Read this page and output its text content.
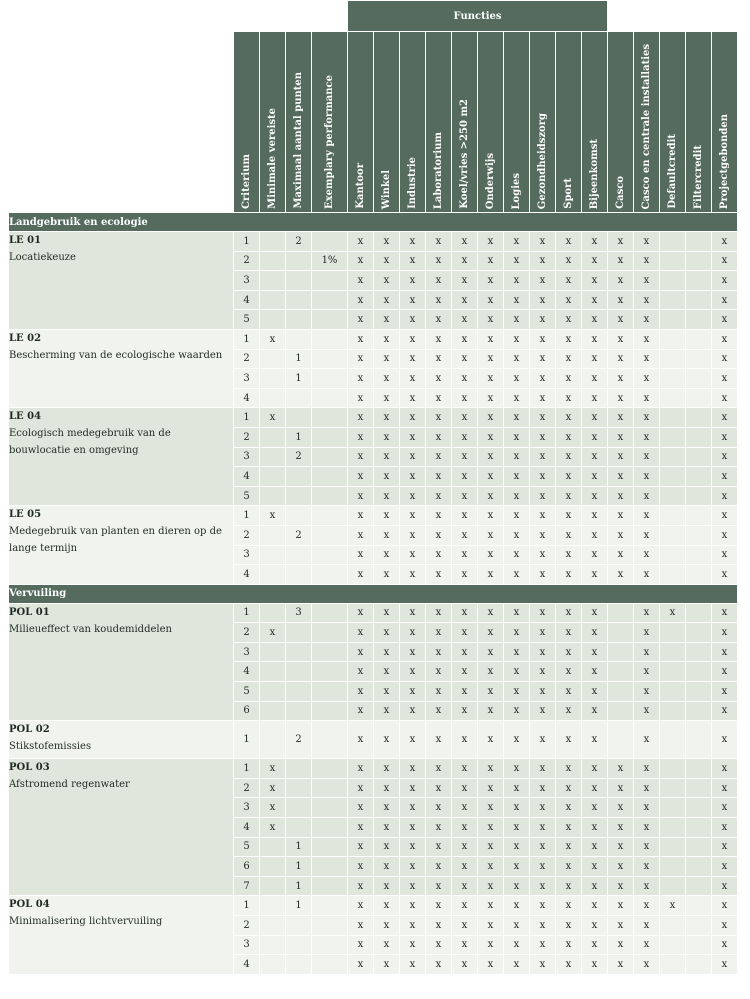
					Functies														
	Criterium	Minimale vereiste	Maximaal aantal punten	Exemplary performance	Kantoor	Winkel	Industrie	Laboratorium	Koel/vries >250 m2	Onderwijs	Logies	Gezondheidszorg	Sport	Bijeenkomst	Casco	Casco en centrale installaties	Defaultcredit	Filtercredit	Projectgebonden
Landgebruik en ecologie																			

LE 01
Locatiekeuze	1		2		x	x	x	x	x	x	x	x	x	x	x	x			x
	2			1%	x	x	x	x	x	x	x	x	x	x	x	x			x
	3				x	x	x	x	x	x	x	x	x	x	x	x			x
	4				x	x	x	x	x	x	x	x	x	x	x	x			x
	5				x	x	x	x	x	x	x	x	x	x	x	x			x

LE 02
Bescherming van de ecologische waarden	1	x			x	x	x	x	x	x	x	x	x	x	x	x			x
	2		1		x	x	x	x	x	x	x	x	x	x	x	x			x
	3		1		x	x	x	x	x	x	x	x	x	x	x	x			x
	4				x	x	x	x	x	x	x	x	x	x	x	x			x

LE 04
Ecologisch medegebruik van de bouwlocatie en omgeving	1	x			x	x	x	x	x	x	x	x	x	x	x	x			x
	2		1		x	x	x	x	x	x	x	x	x	x	x	x			x
	3		2		x	x	x	x	x	x	x	x	x	x	x	x			x
	4				x	x	x	x	x	x	x	x	x	x	x	x			x
	5				x	x	x	x	x	x	x	x	x	x	x	x			x

LE 05
Medegebruik van planten en dieren op de lange termijn	1	x			x	x	x	x	x	x	x	x	x	x	x	x			x
	2		2		x	x	x	x	x	x	x	x	x	x	x	x			x
	3				x	x	x	x	x	x	x	x	x	x	x	x			x
	4				x	x	x	x	x	x	x	x	x	x	x	x			x
Vervuiling																			

POL 01
Milieueffect van koudemiddelen	1		3		x	x	x	x	x	x	x	x	x	x		x	x		x
	2	x			x	x	x	x	x	x	x	x	x	x		x			x
	3				x	x	x	x	x	x	x	x	x	x		x			x
	4				x	x	x	x	x	x	x	x	x	x		x			x
	5				x	x	x	x	x	x	x	x	x	x		x			x
	6				x	x	x	x	x	x	x	x	x	x		x			x

POL 02
Stikstofemissies	1		2		x	x	x	x	x	x	x	x	x	x		x			x

POL 03
Afstromend regenwater	1	x			x	x	x	x	x	x	x	x	x	x	x	x			x
	2	x			x	x	x	x	x	x	x	x	x	x	x	x			x
	3	x			x	x	x	x	x	x	x	x	x	x	x	x			x
	4	x			x	x	x	x	x	x	x	x	x	x	x	x			x
	5		1		x	x	x	x	x	x	x	x	x	x	x	x			x
	6		1		x	x	x	x	x	x	x	x	x	x	x	x			x
	7		1		x	x	x	x	x	x	x	x	x	x	x	x			x

POL 04
Minimalisering lichtvervuiling	1		1		x	x	x	x	x	x	x	x	x	x	x	x	x		x
	2				x	x	x	x	x	x	x	x	x	x	x	x			x
	3				x	x	x	x	x	x	x	x	x	x	x	x			x
	4				x	x	x	x	x	x	x	x	x	x	x	x			x
